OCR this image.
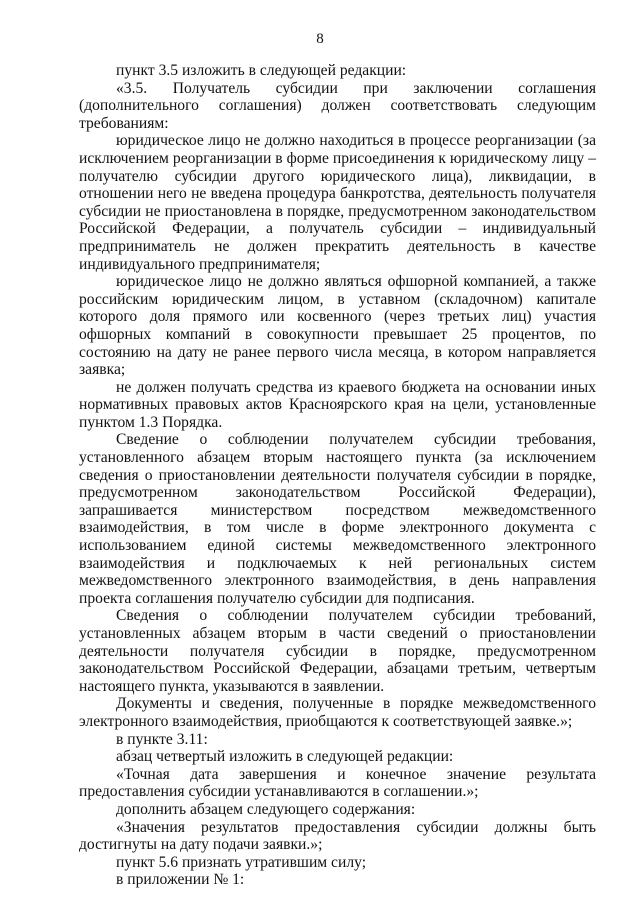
8

пункт 3.5 изложить в следующей редакции:

«3.5. Получатель субсидии при заключении соглашения (дополнительного соглашения) должен соответствовать следующим требованиям:

юридическое лицо не должно находиться в процессе реорганизации (за исключением реорганизации в форме присоединения к юридическому лицу – получателю субсидии другого юридического лица), ликвидации, в отношении него не введена процедура банкротства, деятельность получателя субсидии не приостановлена в порядке, предусмотренном законодательством Российской Федерации, а получатель субсидии – индивидуальный предприниматель не должен прекратить деятельность в качестве индивидуального предпринимателя;

юридическое лицо не должно являться офшорной компанией, а также российским юридическим лицом, в уставном (складочном) капитале которого доля прямого или косвенного (через третьих лиц) участия офшорных компаний в совокупности превышает 25 процентов, по состоянию на дату не ранее первого числа месяца, в котором направляется заявка;

не должен получать средства из краевого бюджета на основании иных нормативных правовых актов Красноярского края на цели, установленные пунктом 1.3 Порядка.

Сведение о соблюдении получателем субсидии требования, установленного абзацем вторым настоящего пункта (за исключением сведения о приостановлении деятельности получателя субсидии в порядке, предусмотренном законодательством Российской Федерации), запрашивается министерством посредством межведомственного взаимодействия, в том числе в форме электронного документа с использованием единой системы межведомственного электронного взаимодействия и подключаемых к ней региональных систем межведомственного электронного взаимодействия, в день направления проекта соглашения получателю субсидии для подписания.

Сведения о соблюдении получателем субсидии требований, установленных абзацем вторым в части сведений о приостановлении деятельности получателя субсидии в порядке, предусмотренном законодательством Российской Федерации, абзацами третьим, четвертым настоящего пункта, указываются в заявлении.

Документы и сведения, полученные в порядке межведомственного электронного взаимодействия, приобщаются к соответствующей заявке.»;

в пункте 3.11:

абзац четвертый изложить в следующей редакции:

«Точная дата завершения и конечное значение результата предоставления субсидии устанавливаются в соглашении.»;

дополнить абзацем следующего содержания:

«Значения результатов предоставления субсидии должны быть достигнуты на дату подачи заявки.»;

пункт 5.6 признать утратившим силу;

в приложении № 1:
